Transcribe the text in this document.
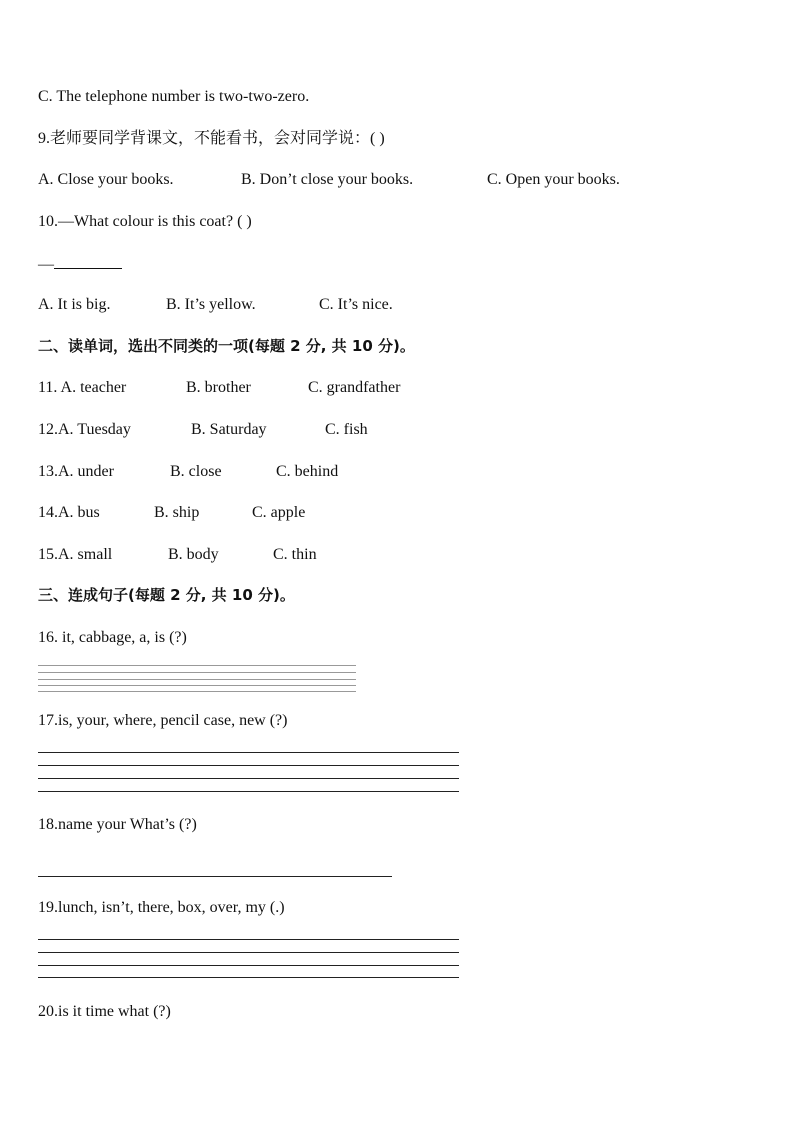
C. The telephone number is two-two-zero.
9.老师要同学背课文，不能看书，会对同学说：( )
A. Close your books.	B. Don’t close your books.	C. Open your books.
10.—What colour is this coat? ( )
—
A. It is big.	B. It’s yellow.	C. It’s nice.
二、读单词，选出不同类的一项(每题 2 分, 共 10 分)。
11. A. teacher	B. brother	C. grandfather
12.A. Tuesday	B. Saturday	C. fish
13.A. under	B. close	C. behind
14.A. bus	B. ship	C. apple
15.A. small	B. body	C. thin
三、连成句子(每题 2 分, 共 10 分)。
16. it, cabbage, a, is (?)
17.is, your, where, pencil case, new (?)
18.name your What’s (?)
19.lunch, isn’t, there, box, over, my (.)
20.is it time what (?)
